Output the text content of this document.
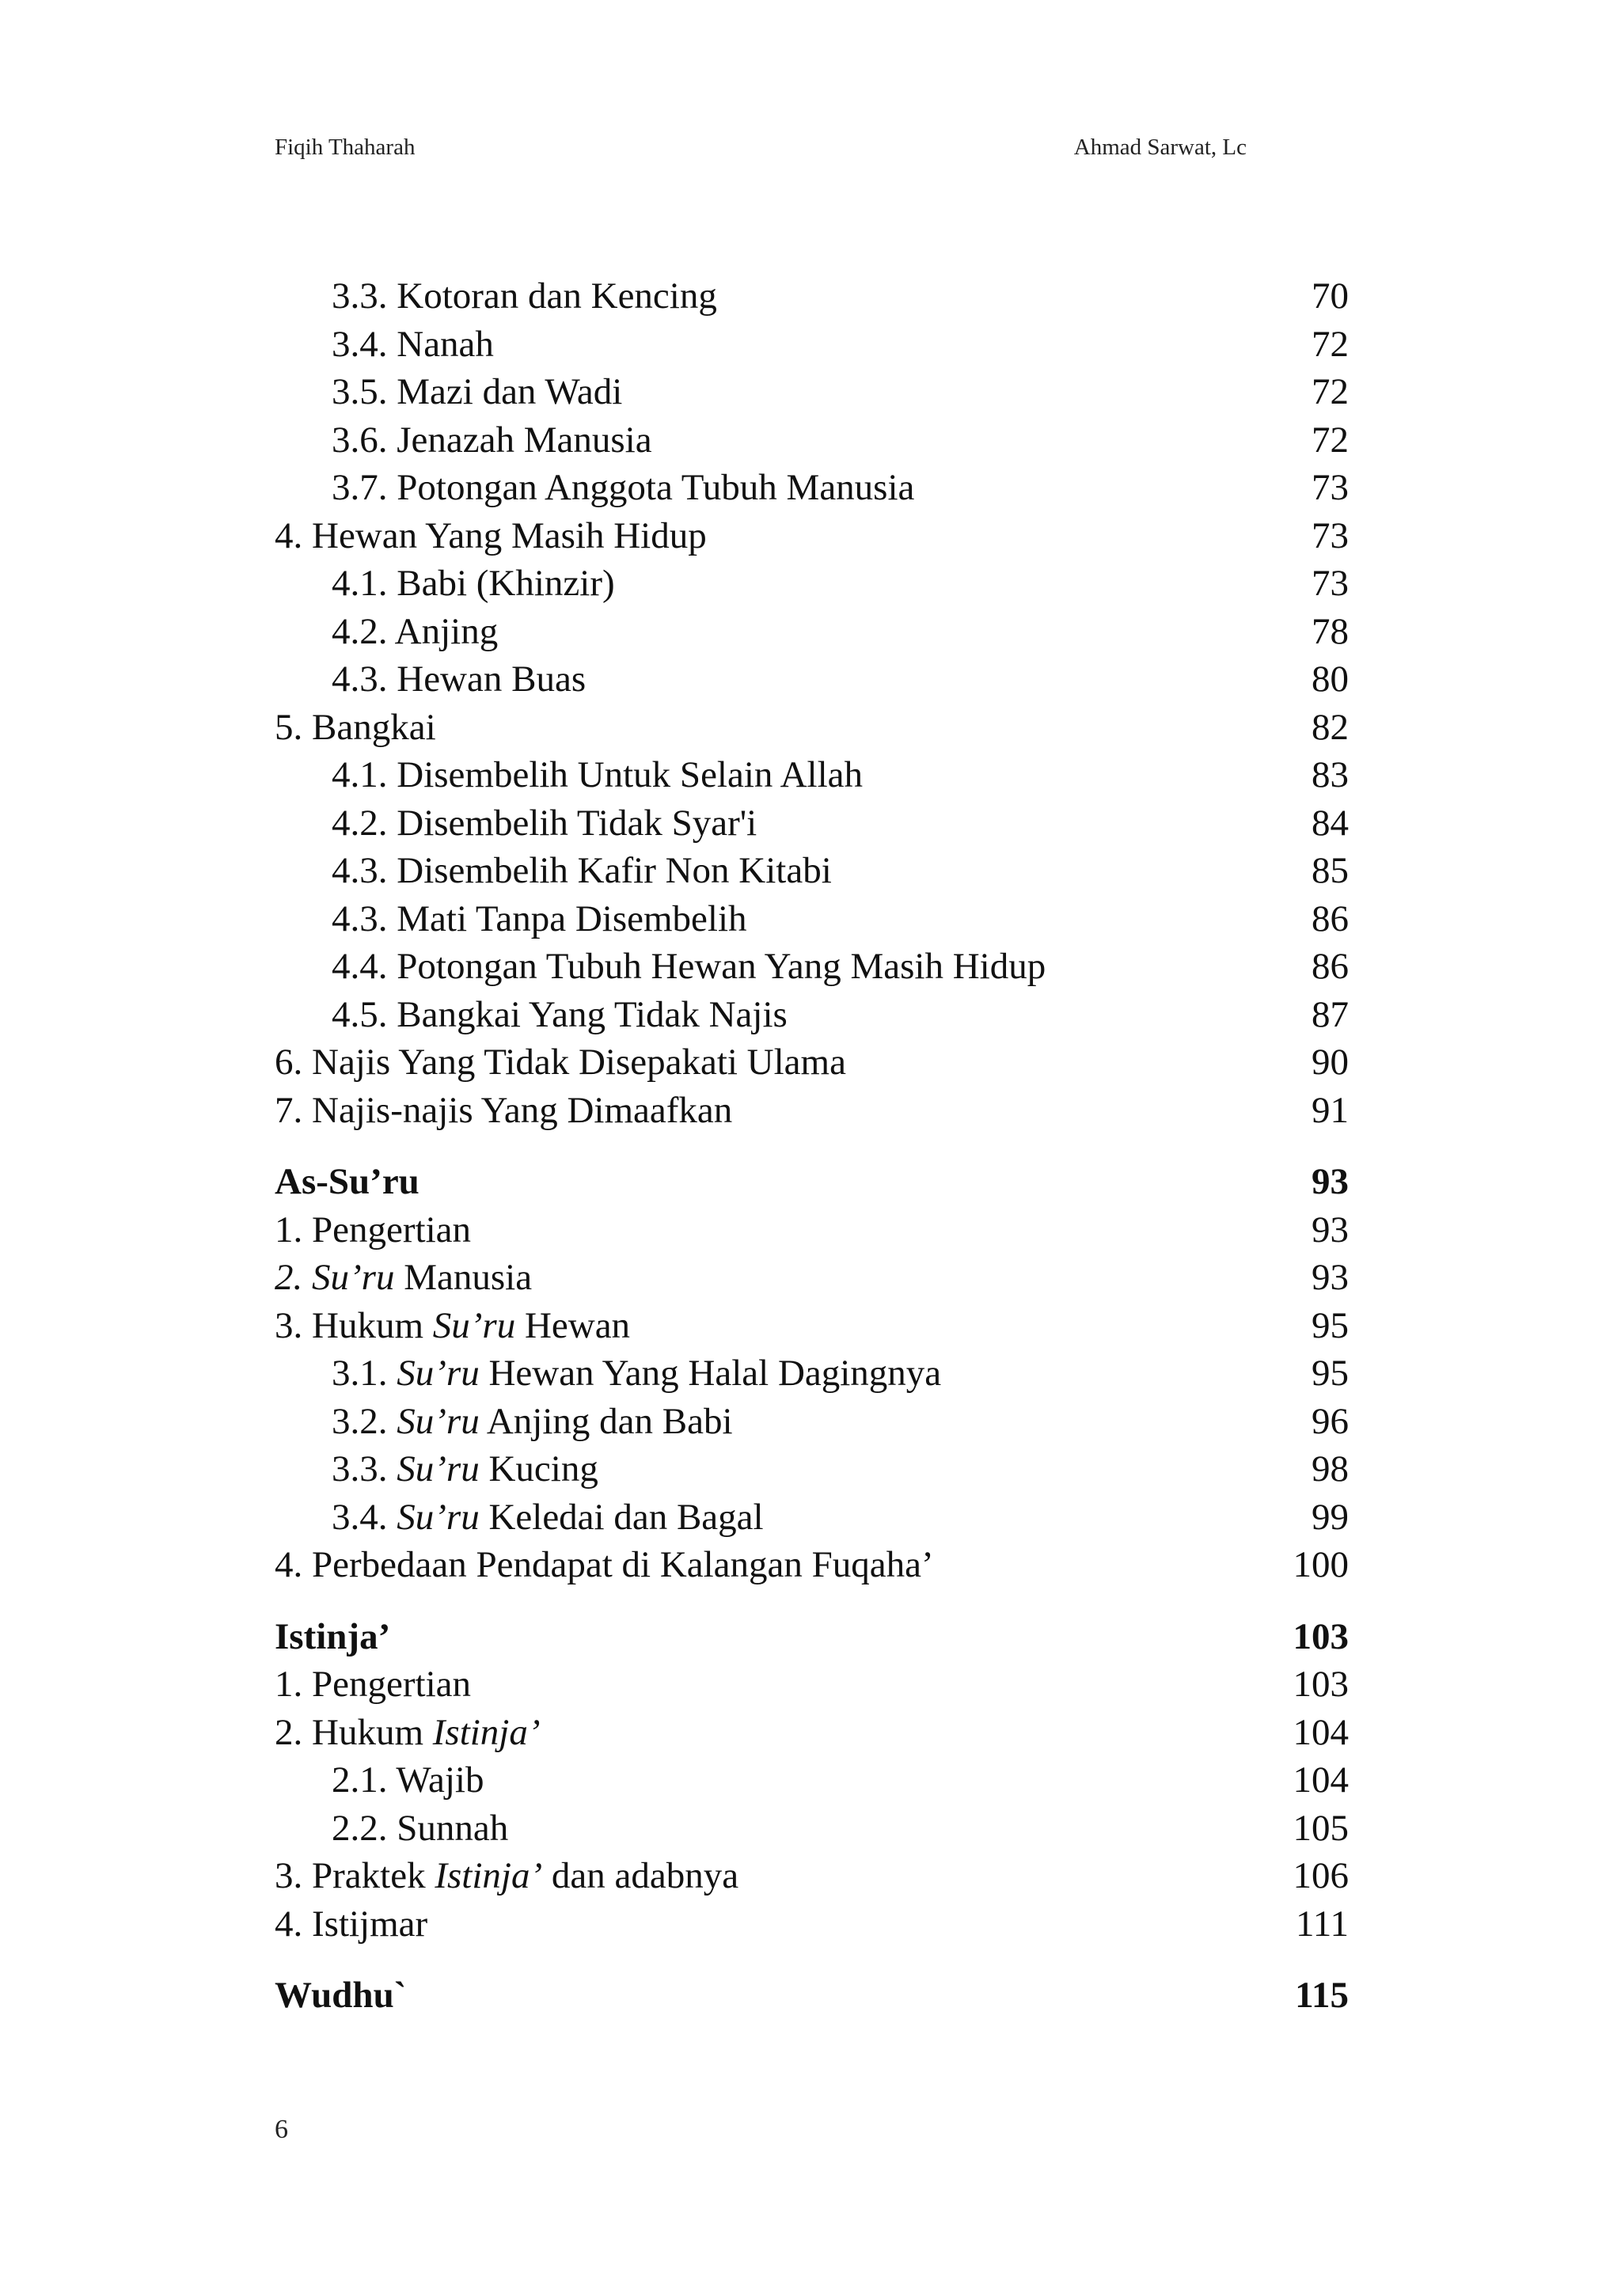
Fiqih Thaharah	Ahmad Sarwat, Lc
3.3. Kotoran dan Kencing	70
3.4. Nanah	72
3.5. Mazi dan Wadi	72
3.6. Jenazah Manusia	72
3.7. Potongan Anggota Tubuh Manusia	73
4. Hewan Yang Masih Hidup	73
4.1. Babi (Khinzir)	73
4.2. Anjing	78
4.3. Hewan Buas	80
5. Bangkai	82
4.1. Disembelih Untuk Selain Allah	83
4.2. Disembelih Tidak Syar'i	84
4.3. Disembelih Kafir Non Kitabi	85
4.3. Mati Tanpa Disembelih	86
4.4. Potongan Tubuh Hewan Yang Masih Hidup	86
4.5. Bangkai Yang Tidak Najis	87
6. Najis Yang Tidak Disepakati Ulama	90
7. Najis-najis Yang Dimaafkan	91
As-Su’ru	93
1. Pengertian	93
2. Su’ru Manusia	93
3. Hukum Su’ru Hewan	95
3.1. Su’ru Hewan Yang Halal Dagingnya	95
3.2. Su’ru Anjing dan Babi	96
3.3. Su’ru Kucing	98
3.4. Su’ru Keledai dan Bagal	99
4. Perbedaan Pendapat di Kalangan Fuqaha’	100
Istinja’	103
1. Pengertian	103
2. Hukum Istinja’	104
2.1. Wajib	104
2.2. Sunnah	105
3. Praktek Istinja’ dan adabnya	106
4. Istijmar	111
Wudhu`	115
6
